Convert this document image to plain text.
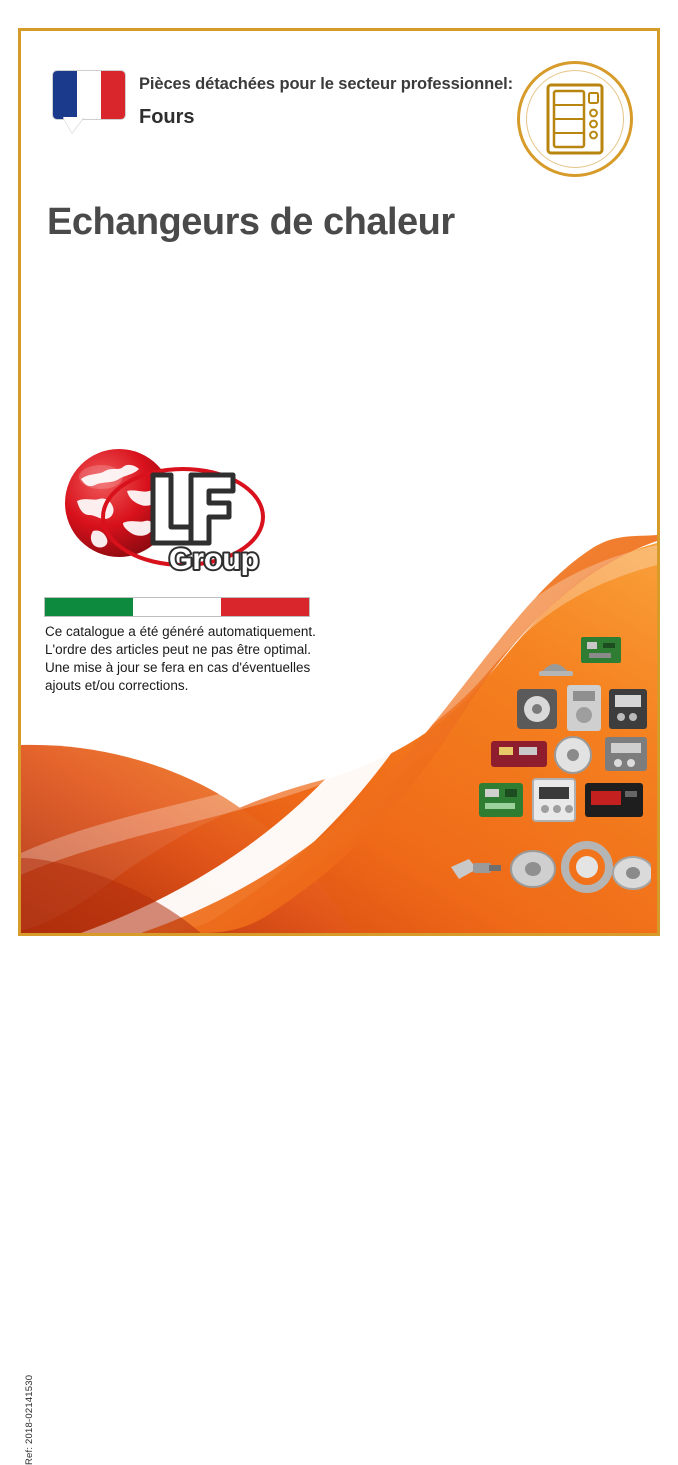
Pièces détachées pour le secteur professionnel:
Fours
Echangeurs de chaleur
Group
Ce catalogue a été généré automatiquement.
L'ordre des articles peut ne pas être optimal.
Une mise à jour se fera en cas d'éventuelles
ajouts et/ou corrections.
Ref: 2018-02141530
